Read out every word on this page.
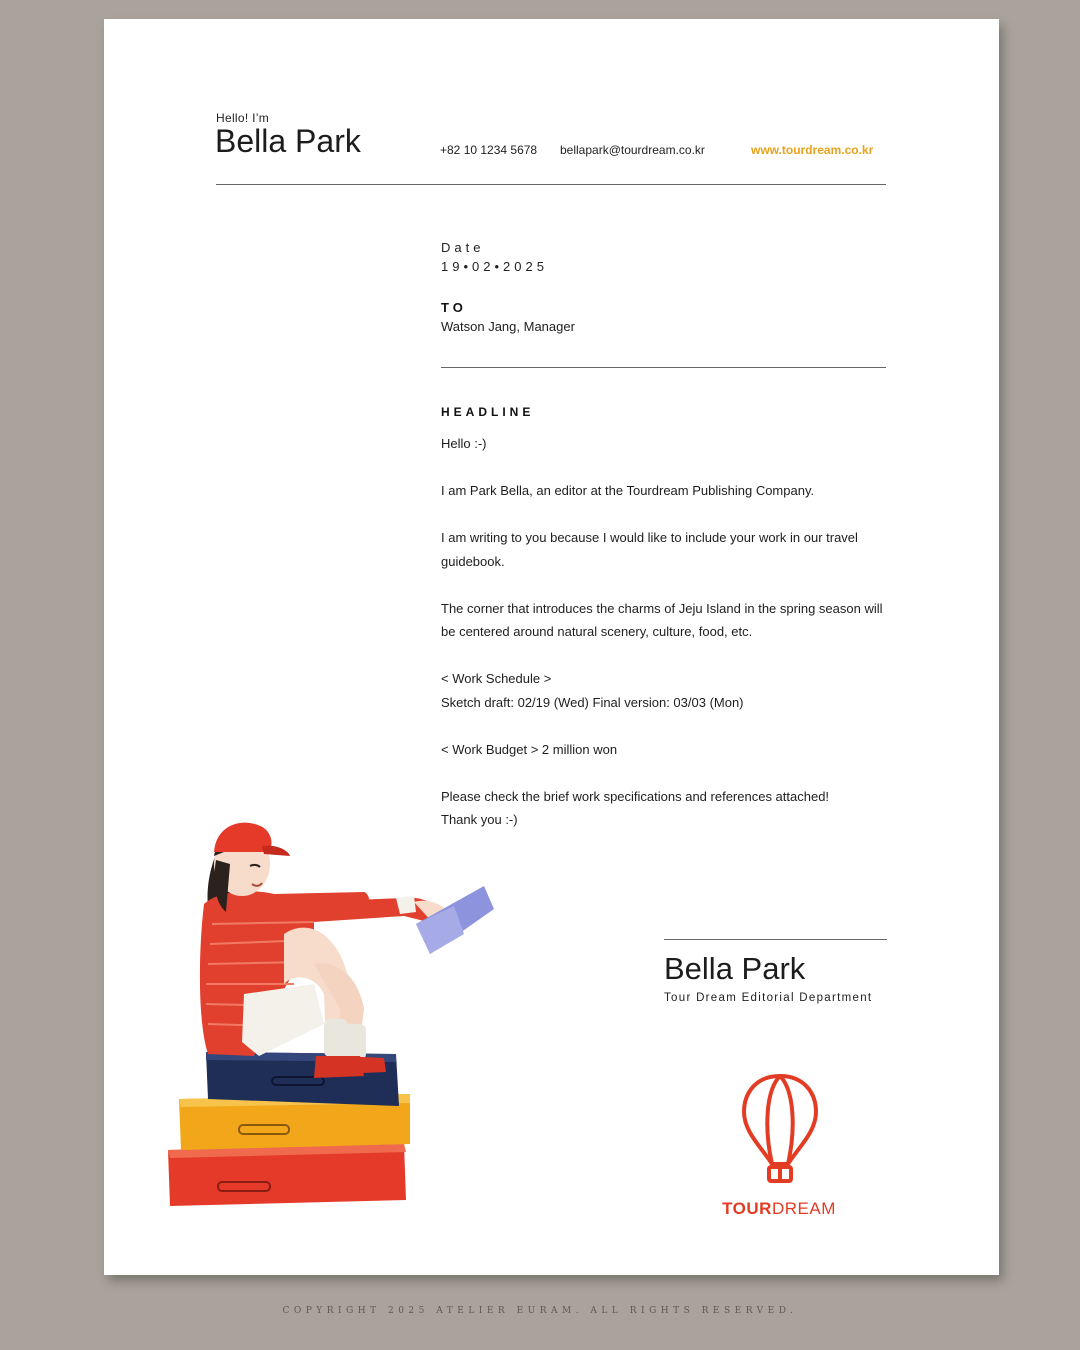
Hello! I’m
Bella Park	+82 10 1234 5678 bellapark@tourdream.co.kr	www.tourdream.co.kr
Date
19•02•2025
TO
Watson Jang, Manager
HEADLINE

Hello :-)

I am Park Bella, an editor at the Tourdream Publishing Company.

I am writing to you because I would like to include your work in our travel guidebook.

The corner that introduces the charms of Jeju Island in the spring season will be centered around natural scenery, culture, food, etc.

< Work Schedule >
Sketch draft: 02/19 (Wed) Final version: 03/03 (Mon)

< Work Budget > 2 million won

Please check the brief work specifications and references attached!
Thank you :-)

Bella Park
Tour Dream Editorial Department
TOURDREAM
COPYRIGHT 2025 ATELIER EURAM. ALL RIGHTS RESERVED.
